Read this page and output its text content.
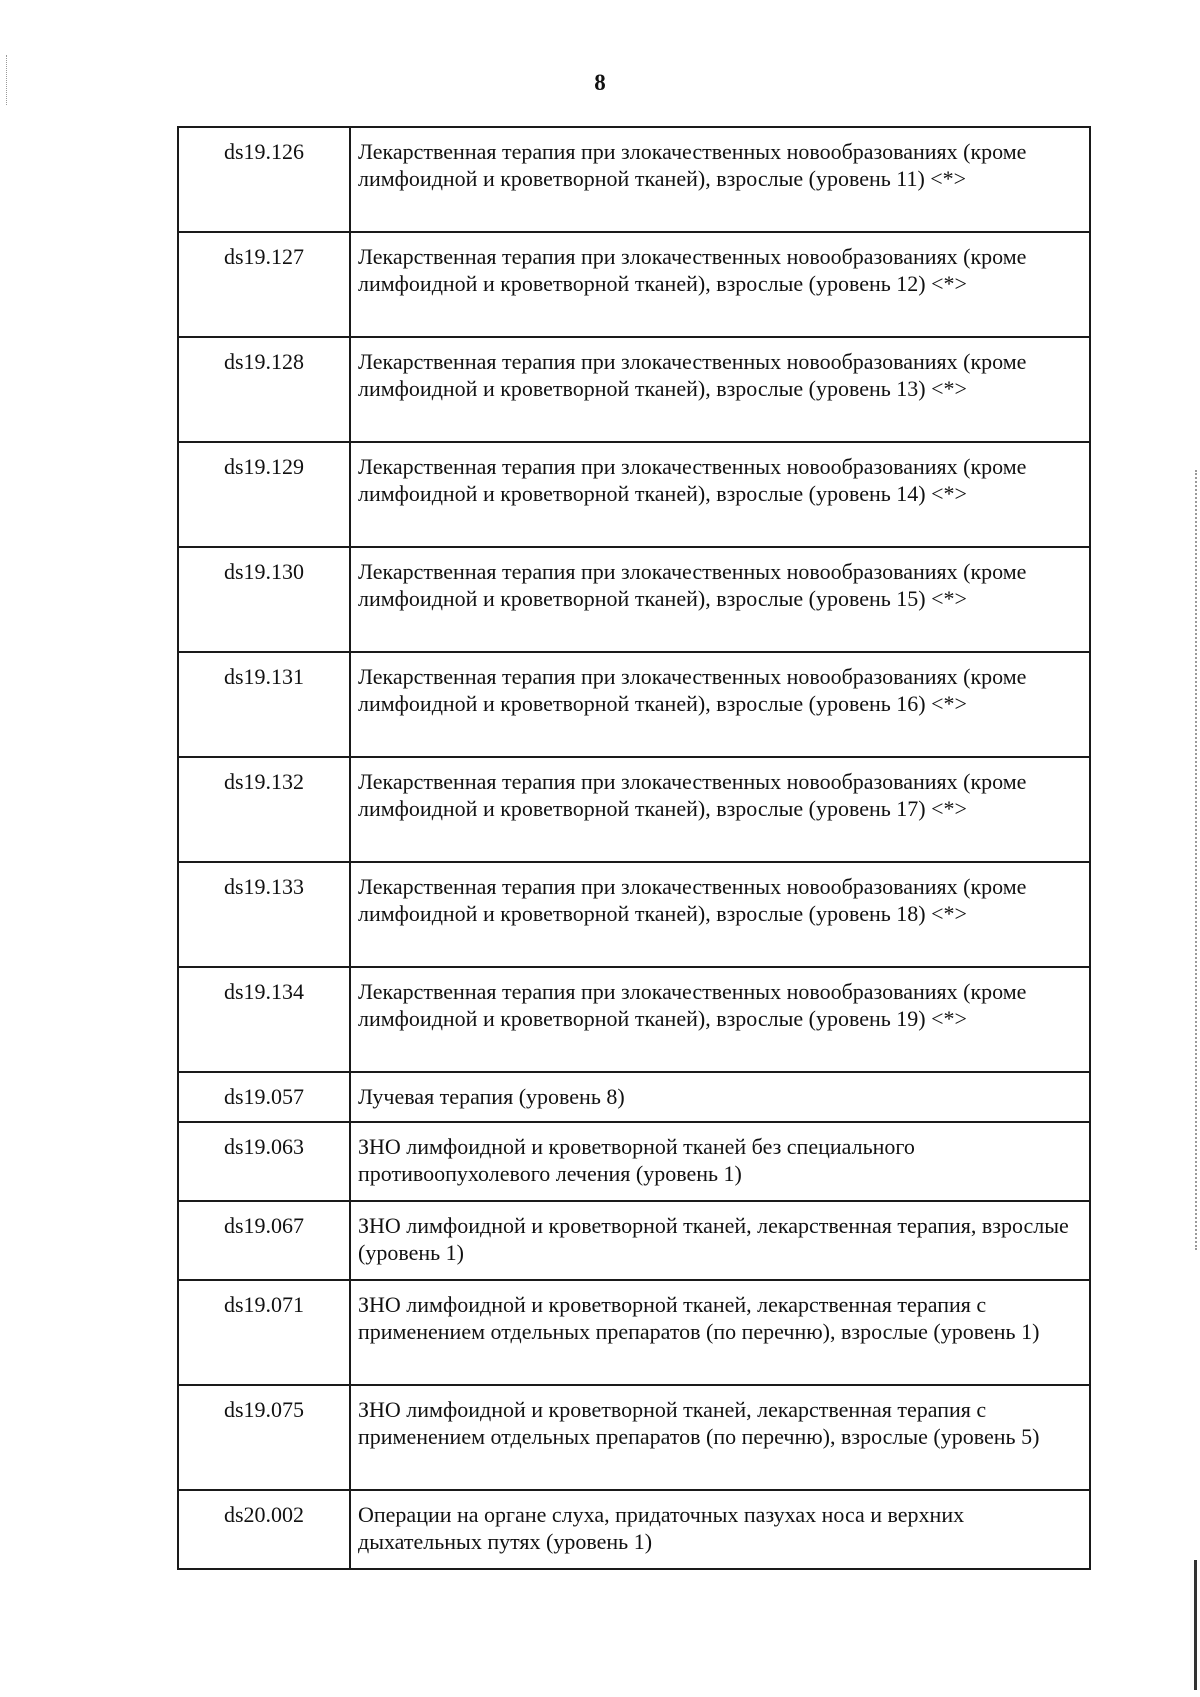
8
ds19.126	Лекарственная терапия при злокачественных новообразованиях (кроме лимфоидной и кроветворной тканей), взрослые (уровень 11) <*>
ds19.127	Лекарственная терапия при злокачественных новообразованиях (кроме лимфоидной и кроветворной тканей), взрослые (уровень 12) <*>
ds19.128	Лекарственная терапия при злокачественных новообразованиях (кроме лимфоидной и кроветворной тканей), взрослые (уровень 13) <*>
ds19.129	Лекарственная терапия при злокачественных новообразованиях (кроме лимфоидной и кроветворной тканей), взрослые (уровень 14) <*>
ds19.130	Лекарственная терапия при злокачественных новообразованиях (кроме лимфоидной и кроветворной тканей), взрослые (уровень 15) <*>
ds19.131	Лекарственная терапия при злокачественных новообразованиях (кроме лимфоидной и кроветворной тканей), взрослые (уровень 16) <*>
ds19.132	Лекарственная терапия при злокачественных новообразованиях (кроме лимфоидной и кроветворной тканей), взрослые (уровень 17) <*>
ds19.133	Лекарственная терапия при злокачественных новообразованиях (кроме лимфоидной и кроветворной тканей), взрослые (уровень 18) <*>
ds19.134	Лекарственная терапия при злокачественных новообразованиях (кроме лимфоидной и кроветворной тканей), взрослые (уровень 19) <*>
ds19.057	Лучевая терапия (уровень 8)
ds19.063	ЗНО лимфоидной и кроветворной тканей без специального противоопухолевого лечения (уровень 1)
ds19.067	ЗНО лимфоидной и кроветворной тканей, лекарственная терапия, взрослые (уровень 1)
ds19.071	ЗНО лимфоидной и кроветворной тканей, лекарственная терапия с применением отдельных препаратов (по перечню), взрослые (уровень 1)
ds19.075	ЗНО лимфоидной и кроветворной тканей, лекарственная терапия с применением отдельных препаратов (по перечню), взрослые (уровень 5)
ds20.002	Операции на органе слуха, придаточных пазухах носа и верхних дыхательных путях (уровень 1)
